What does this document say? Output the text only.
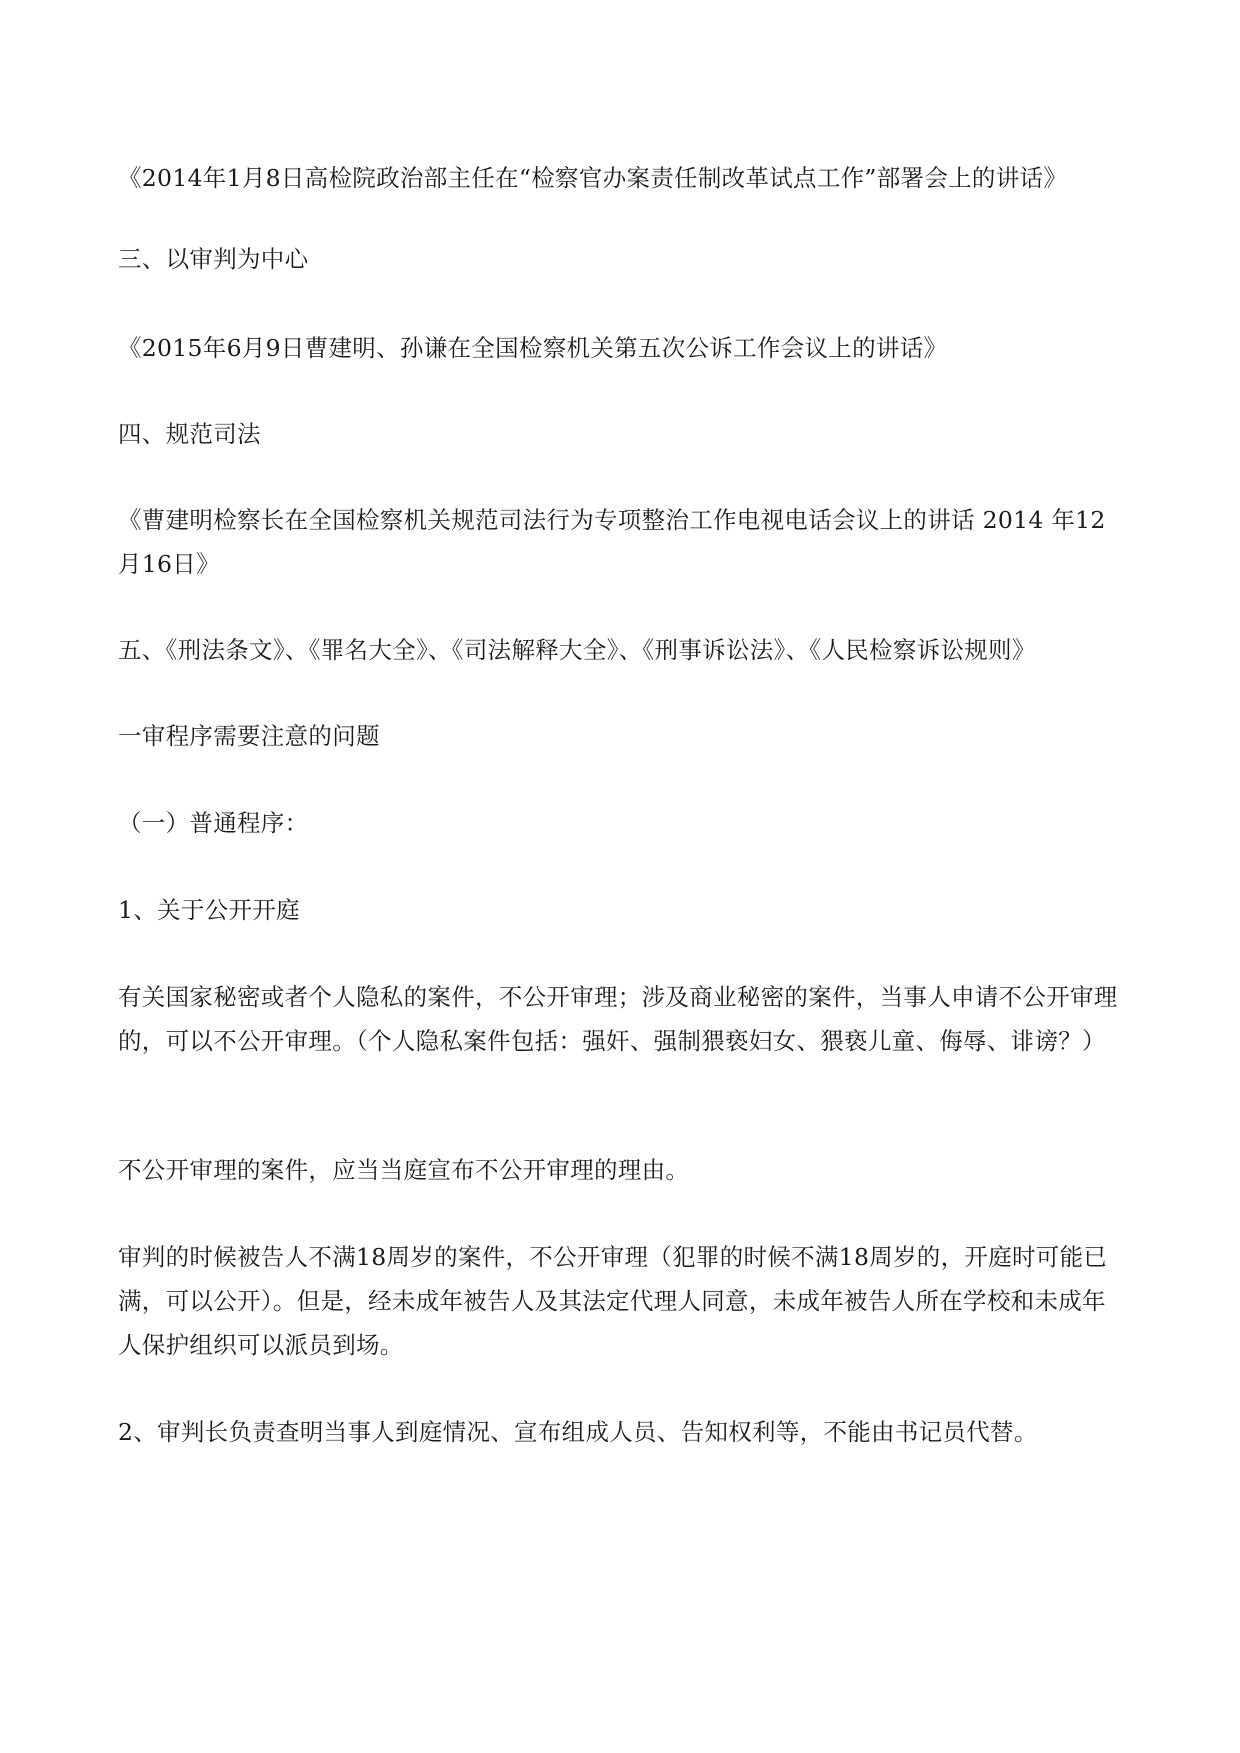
《2014年1月8日高检院政治部主任在“检察官办案责任制改革试点工作”部署会上的讲话》

三、以审判为中心

《2015年6月9日曹建明、孙谦在全国检察机关第五次公诉工作会议上的讲话》

四、规范司法

《曹建明检察长在全国检察机关规范司法行为专项整治工作电视电话会议上的讲话 2014 年12月16日》

五、《刑法条文》、《罪名大全》、《司法解释大全》、《刑事诉讼法》、《人民检察诉讼规则》

一审程序需要注意的问题

（一）普通程序：

1、关于公开开庭

有关国家秘密或者个人隐私的案件，不公开审理；涉及商业秘密的案件，当事人申请不公开审理的，可以不公开审理。（个人隐私案件包括：强奸、强制猥亵妇女、猥亵儿童、侮辱、诽谤？）

不公开审理的案件，应当当庭宣布不公开审理的理由。

审判的时候被告人不满18周岁的案件，不公开审理（犯罪的时候不满18周岁的，开庭时可能已满，可以公开）。但是，经未成年被告人及其法定代理人同意，未成年被告人所在学校和未成年人保护组织可以派员到场。

2、审判长负责查明当事人到庭情况、宣布组成人员、告知权利等，不能由书记员代替。
